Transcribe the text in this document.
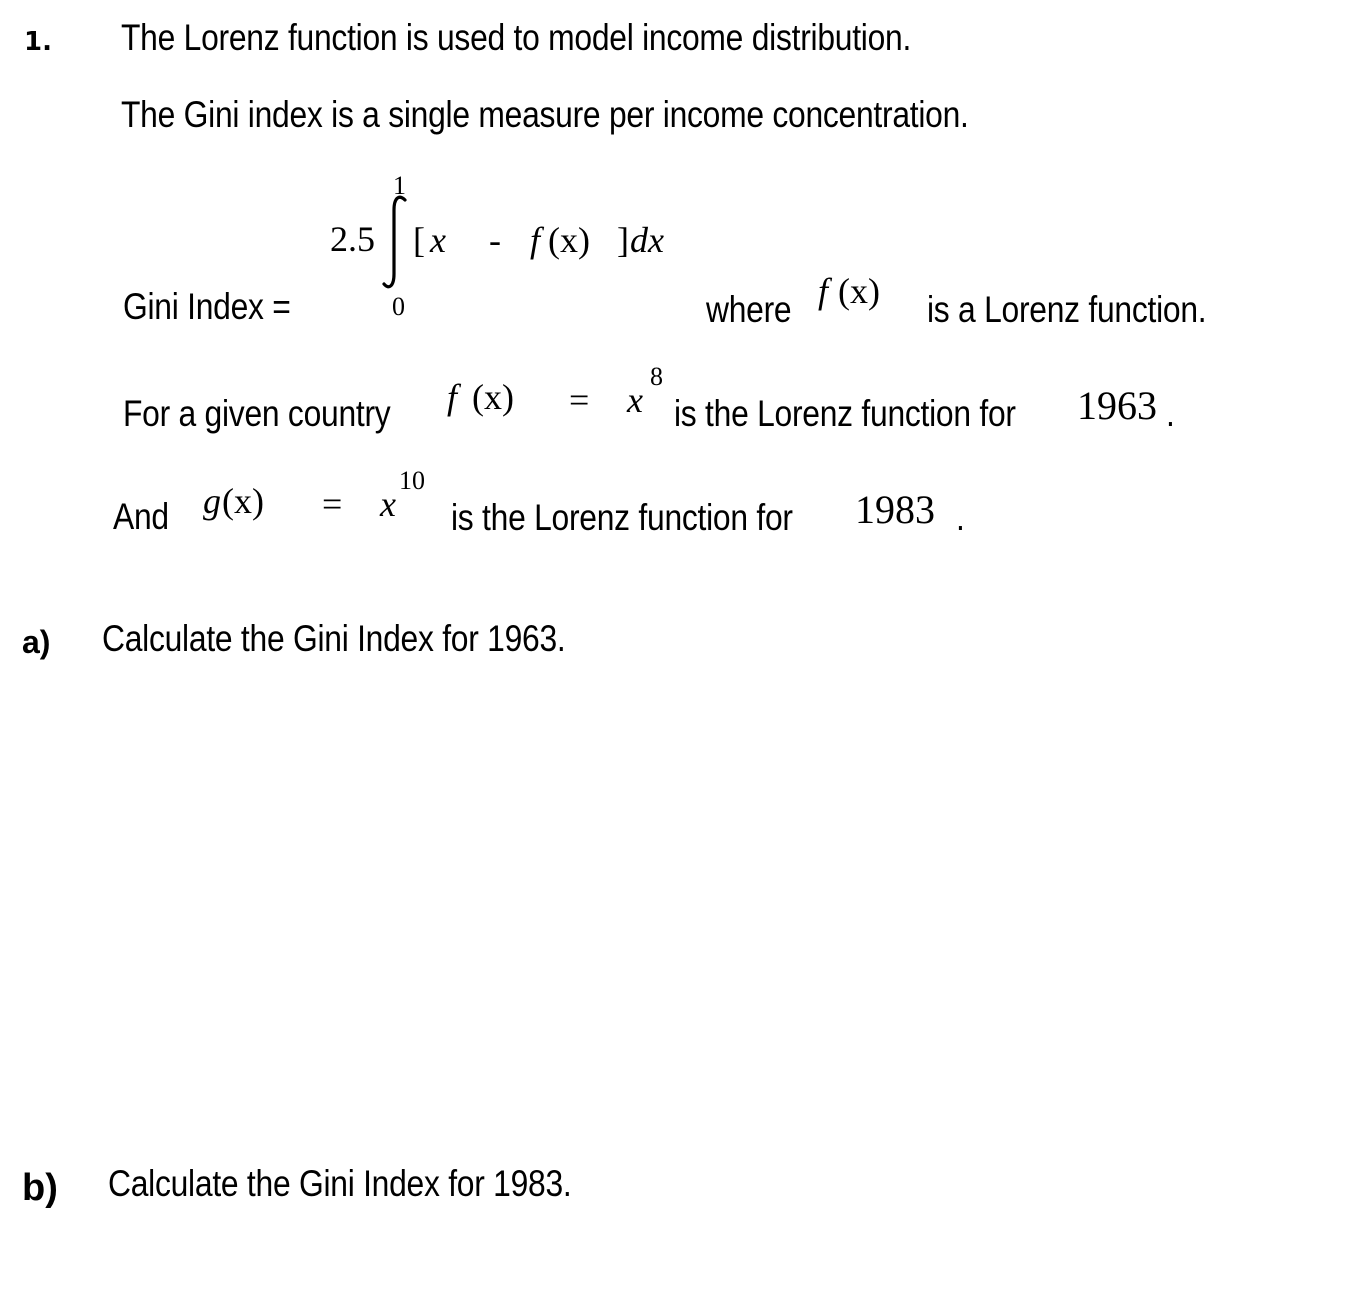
1. The Lorenz function is used to model income distribution.
The Gini index is a single measure per income concentration.
Gini Index =
2.5
1
0
[ x - f (x) ] dx
where f (x) is a Lorenz function.
For a given country f (x) = x
8
is the Lorenz function for 1963 .
And g (x) = x
10
is the Lorenz function for 1983 .
a) Calculate the Gini Index for 1963.
b) Calculate the Gini Index for 1983.
